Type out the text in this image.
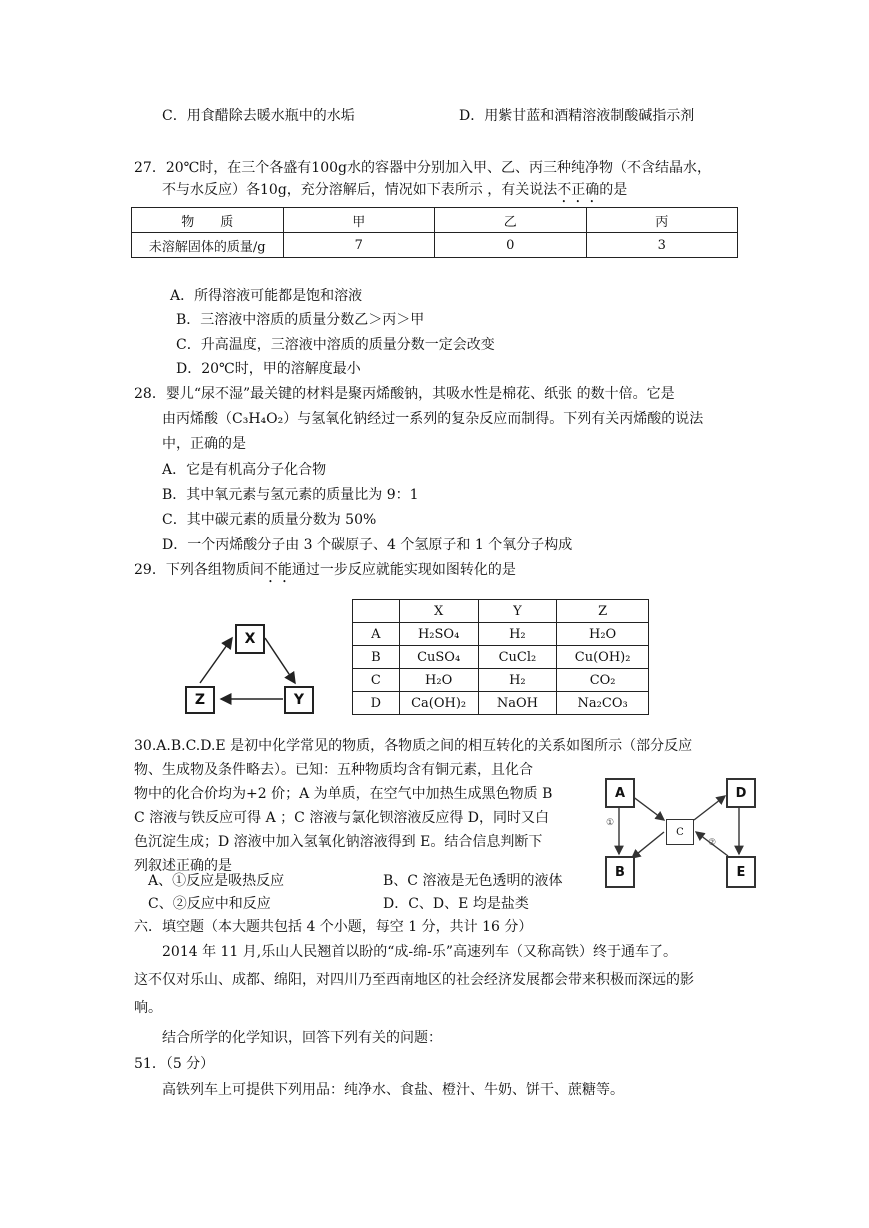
C．用食醋除去暖水瓶中的水垢	D．用紫甘蓝和酒精溶液制酸碱指示剂
27．20℃时，在三个各盛有100g水的容器中分别加入甲、乙、丙三种纯净物（不含结晶水，
不与水反应）各10g，充分溶解后，情况如下表所示 ，有关说法不正确的是
物　　质	甲	乙	丙
未溶解固体的质量/g	7	0	3
A．所得溶液可能都是饱和溶液
B．三溶液中溶质的质量分数乙＞丙＞甲
C．升高温度，三溶液中溶质的质量分数一定会改变
D．20℃时，甲的溶解度最小
28．婴儿“尿不湿”最关键的材料是聚丙烯酸钠，其吸水性是棉花、纸张 的数十倍。它是
由丙烯酸（C₃H₄O₂）与氢氧化钠经过一系列的复杂反应而制得。下列有关丙烯酸的说法
中，正确的是
A．它是有机高分子化合物
B．其中氧元素与氢元素的质量比为 9：1
C．其中碳元素的质量分数为 50%
D．一个丙烯酸分子由 3 个碳原子、4 个氢原子和 1 个氧分子构成
29．下列各组物质间不能通过一步反应就能实现如图转化的是
X
Y
Z
	X	Y	Z
A	H₂SO₄	H₂	H₂O
B	CuSO₄	CuCl₂	Cu(OH)₂
C	H₂O	H₂	CO₂
D	Ca(OH)₂	NaOH	Na₂CO₃
30.A.B.C.D.E 是初中化学常见的物质，各物质之间的相互转化的关系如图所示（部分反应
物、生成物及条件略去）。已知：五种物质均含有铜元素，且化合
物中的化合价均为+2 价；A 为单质，在空气中加热生成黑色物质 B
C 溶液与铁反应可得 A ；C 溶液与氯化钡溶液反应得 D，同时又白
色沉淀生成；D 溶液中加入氢氧化钠溶液得到 E。结合信息判断下
列叙述正确的是
A、①反应是吸热反应	B、C 溶液是无色透明的液体
C、②反应中和反应	D．C、D、E 均是盐类
A
B
C
D
E
①
②
六．填空题（本大题共包括 4 个小题，每空 1 分，共计 16 分）
2014 年 11 月,乐山人民翘首以盼的“成-绵-乐”高速列车（又称高铁）终于通车了。
这不仅对乐山、成都、绵阳，对四川乃至西南地区的社会经济发展都会带来积极而深远的影
响。
结合所学的化学知识，回答下列有关的问题：
51．（5 分）
高铁列车上可提供下列用品：纯净水、食盐、橙汁、牛奶、饼干、蔗糖等。
